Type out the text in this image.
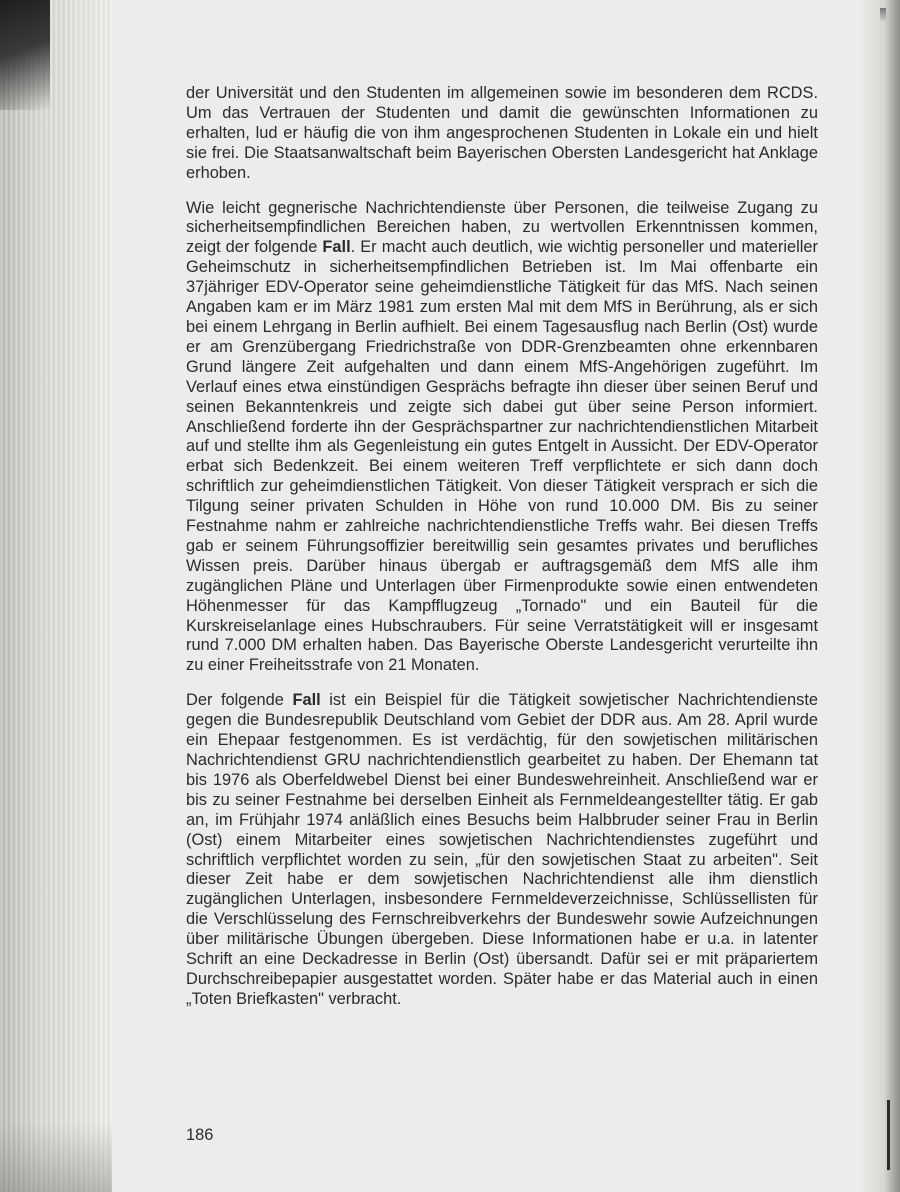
der Universität und den Studenten im allgemeinen sowie im besonderen dem RCDS. Um das Vertrauen der Studenten und damit die gewünschten Informationen zu erhalten, lud er häufig die von ihm angesprochenen Studenten in Lokale ein und hielt sie frei. Die Staatsanwaltschaft beim Bayerischen Obersten Landesgericht hat Anklage erhoben.

Wie leicht gegnerische Nachrichtendienste über Personen, die teilweise Zugang zu sicherheitsempfindlichen Bereichen haben, zu wertvollen Erkenntnissen kommen, zeigt der folgende Fall. Er macht auch deutlich, wie wichtig personeller und materieller Geheimschutz in sicherheitsempfindlichen Betrieben ist. Im Mai offenbarte ein 37jähriger EDV-Operator seine geheimdienstliche Tätigkeit für das MfS. Nach seinen Angaben kam er im März 1981 zum ersten Mal mit dem MfS in Berührung, als er sich bei einem Lehrgang in Berlin aufhielt. Bei einem Tagesausflug nach Berlin (Ost) wurde er am Grenzübergang Friedrichstraße von DDR-Grenzbeamten ohne erkennbaren Grund längere Zeit aufgehalten und dann einem MfS-Angehörigen zugeführt. Im Verlauf eines etwa einstündigen Gesprächs befragte ihn dieser über seinen Beruf und seinen Bekanntenkreis und zeigte sich dabei gut über seine Person informiert. Anschließend forderte ihn der Gesprächspartner zur nachrichtendienstlichen Mitarbeit auf und stellte ihm als Gegenleistung ein gutes Entgelt in Aussicht. Der EDV-Operator erbat sich Bedenkzeit. Bei einem weiteren Treff verpflichtete er sich dann doch schriftlich zur geheimdienstlichen Tätigkeit. Von dieser Tätigkeit versprach er sich die Tilgung seiner privaten Schulden in Höhe von rund 10.000 DM. Bis zu seiner Festnahme nahm er zahlreiche nachrichtendienstliche Treffs wahr. Bei diesen Treffs gab er seinem Führungsoffizier bereitwillig sein gesamtes privates und berufliches Wissen preis. Darüber hinaus übergab er auftragsgemäß dem MfS alle ihm zugänglichen Pläne und Unterlagen über Firmenprodukte sowie einen entwendeten Höhenmesser für das Kampfflugzeug „Tornado" und ein Bauteil für die Kurskreiselanlage eines Hubschraubers. Für seine Verratstätigkeit will er insgesamt rund 7.000 DM erhalten haben. Das Bayerische Oberste Landesgericht verurteilte ihn zu einer Freiheitsstrafe von 21 Monaten.

Der folgende Fall ist ein Beispiel für die Tätigkeit sowjetischer Nachrichtendienste gegen die Bundesrepublik Deutschland vom Gebiet der DDR aus. Am 28. April wurde ein Ehepaar festgenommen. Es ist verdächtig, für den sowjetischen militärischen Nachrichtendienst GRU nachrichtendienstlich gearbeitet zu haben. Der Ehemann tat bis 1976 als Oberfeldwebel Dienst bei einer Bundeswehreinheit. Anschließend war er bis zu seiner Festnahme bei derselben Einheit als Fernmeldeangestellter tätig. Er gab an, im Frühjahr 1974 anläßlich eines Besuchs beim Halbbruder seiner Frau in Berlin (Ost) einem Mitarbeiter eines sowjetischen Nachrichtendienstes zugeführt und schriftlich verpflichtet worden zu sein, „für den sowjetischen Staat zu arbeiten". Seit dieser Zeit habe er dem sowjetischen Nachrichtendienst alle ihm dienstlich zugänglichen Unterlagen, insbesondere Fernmeldeverzeichnisse, Schlüssellisten für die Verschlüsselung des Fernschreibverkehrs der Bundeswehr sowie Aufzeichnungen über militärische Übungen übergeben. Diese Informationen habe er u.a. in latenter Schrift an eine Deckadresse in Berlin (Ost) übersandt. Dafür sei er mit präpariertem Durchschreibepapier ausgestattet worden. Später habe er das Material auch in einen „Toten Briefkasten" verbracht.

186
